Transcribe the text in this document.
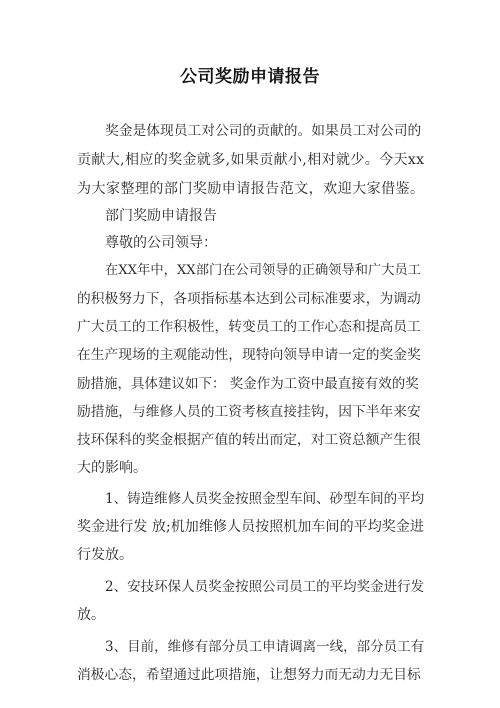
公司奖励申请报告
奖金是体现员工对公司的贡献的。如果员工对公司的
贡献大,相应的奖金就多,如果贡献小,相对就少。今天xx
为大家整理的部门奖励申请报告范文，欢迎大家借鉴。
部门奖励申请报告
尊敬的公司领导：
在XX年中，XX部门在公司领导的正确领导和广大员工
的积极努力下，各项指标基本达到公司标准要求，为调动
广大员工的工作积极性，转变员工的工作心态和提高员工
在生产现场的主观能动性，现特向领导申请一定的奖金奖
励措施，具体建议如下： 奖金作为工资中最直接有效的奖
励措施，与维修人员的工资考核直接挂钩，因下半年来安
技环保科的奖金根据产值的转出而定，对工资总额产生很
大的影响。
1、铸造维修人员奖金按照金型车间、砂型车间的平均
奖金进行发 放;机加维修人员按照机加车间的平均奖金进
行发放。
2、安技环保人员奖金按照公司员工的平均奖金进行发
放。
3、目前，维修有部分员工申请调离一线，部分员工有
消极心态，希望通过此项措施，让想努力而无动力无目标
